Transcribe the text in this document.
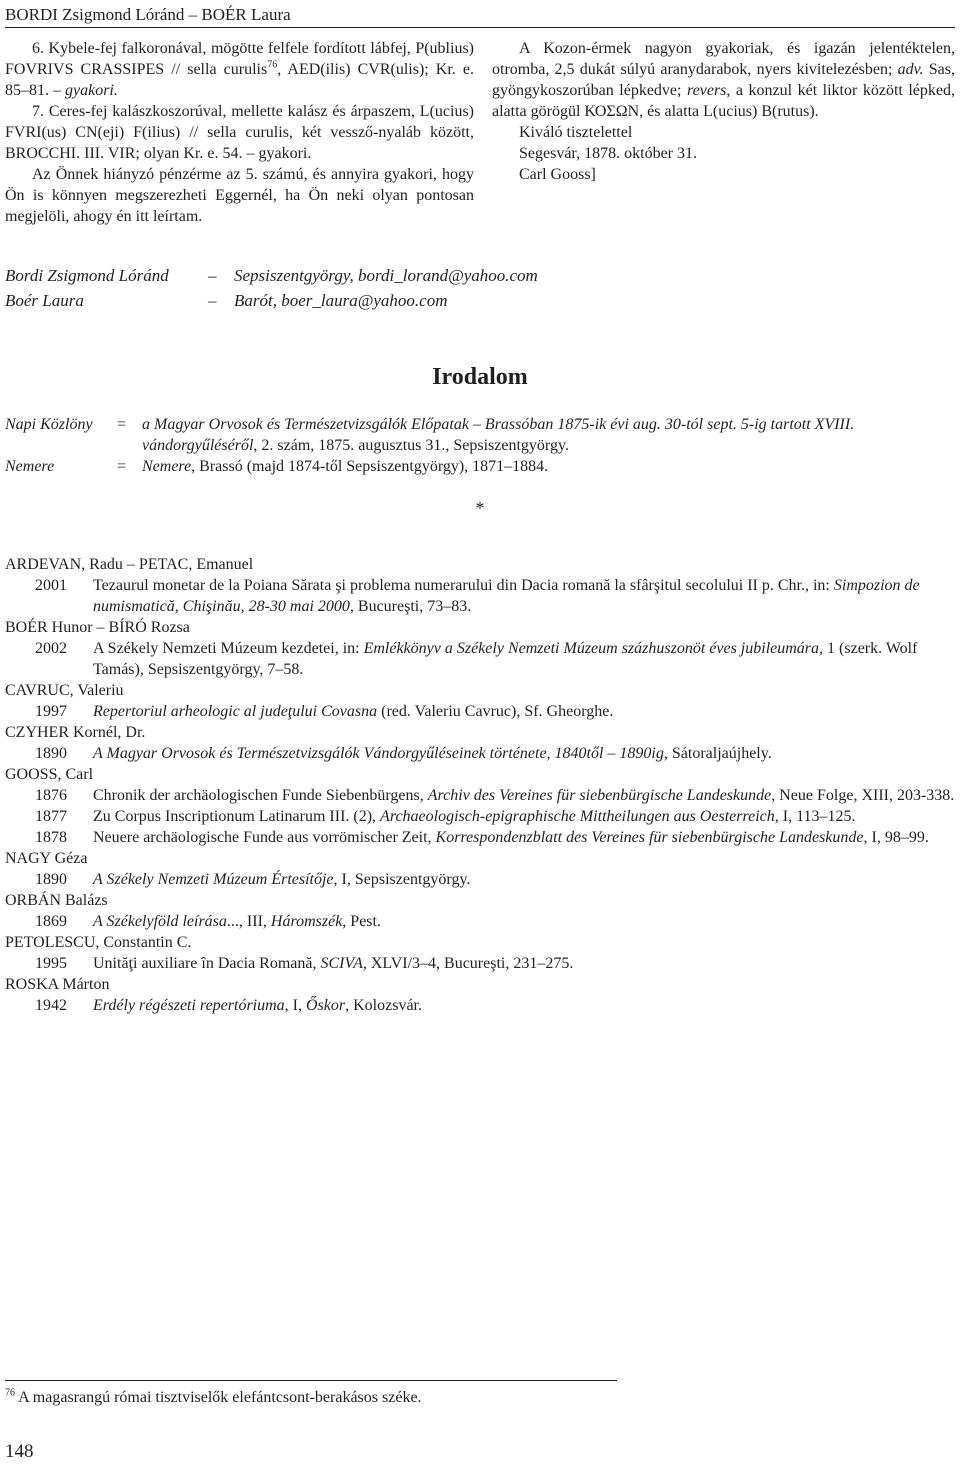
BORDI Zsigmond Lóránd – BOÉR Laura

6. Kybele-fej falkoronával, mögötte felfele fordított lábfej, P(ublius) FOVRIVS CRASSIPES // sella curulis$^{76}$, AED(ilis) CVR(ulis); Kr. e. 85–81. – gyakori.

7. Ceres-fej kalászkoszorúval, mellette kalász és árpaszem, L(ucius) FVRI(us) CN(eji) F(ilius) // sella curulis, két vessző-nyaláb között, BROCCHI. III. VIR; olyan Kr. e. 54. – gyakori.

Az Önnek hiányzó pénzérme az 5. számú, és annyira gyakori, hogy Ön is könnyen megszerezheti Eggernél, ha Ön neki olyan pontosan megjelöli, ahogy én itt leírtam.

A Kozon-érmek nagyon gyakoriak, és igazán jelentéktelen, otromba, 2,5 dukát súlyú aranydarabok, nyers kivitelezésben; adv. Sas, gyöngykoszorúban lépkedve; revers, a konzul két liktor között lépked, alatta görögül ΚΟΣΩΝ, és alatta L(ucius) B(rutus).

Kiváló tisztelettel

Segesvár, 1878. október 31.

Carl Gooss]

Bordi Zsigmond Lóránd	– Sepsiszentgyörgy, bordi_lorand@yahoo.com
Boér Laura	– Barót, boer_laura@yahoo.com
Irodalom
Napi Közlöny = a Magyar Orvosok és Természetvizsgálók Előpatak – Brassóban 1875-ik évi aug. 30-tól sept. 5-ig tartott XVIII. vándorgyűléséről, 2. szám, 1875. augusztus 31., Sepsiszentgyörgy.
Nemere	= Nemere, Brassó (majd 1874-től Sepsiszentgyörgy), 1871–1884.
*
ARDEVAN, Radu – PETAC, Emanuel
2001 Tezaurul monetar de la Poiana Sărata şi problema numerarului din Dacia romană la sfârşitul secolului II p. Chr., in: Simpozion de numismatică, Chişinău, 28-30 mai 2000, Bucureşti, 73–83.
BOÉR Hunor – BÍRÓ Rozsa
2002 A Székely Nemzeti Múzeum kezdetei, in: Emlékkönyv a Székely Nemzeti Múzeum százhuszonöt éves jubileumára, 1 (szerk. Wolf Tamás), Sepsiszentgyörgy, 7–58.
CAVRUC, Valeriu
1997 Repertoriul arheologic al judeţului Covasna (red. Valeriu Cavruc), Sf. Gheorghe.
CZYHER Kornél, Dr.
1890 A Magyar Orvosok és Természetvizsgálók Vándorgyűléseinek története, 1840től – 1890ig, Sátoraljaújhely.
GOOSS, Carl
1876 Chronik der archäologischen Funde Siebenbürgens, Archiv des Vereines für siebenbürgische Landeskunde, Neue Folge, XIII, 203-338.
1877 Zu Corpus Inscriptionum Latinarum III. (2), Archaeologisch-epigraphische Mittheilungen aus Oesterreich, I, 113–125.
1878 Neuere archäologische Funde aus vorrömischer Zeit, Korrespondenzblatt des Vereines für siebenbürgische Landeskunde, I, 98–99.
NAGY Géza
1890 A Székely Nemzeti Múzeum Értesítője, I, Sepsiszentgyörgy.
ORBÁN Balázs
1869 A Székelyföld leírása..., III, Háromszék, Pest.
PETOLESCU, Constantin C.
1995 Unităţi auxiliare în Dacia Romană, SCIVA, XLVI/3–4, Bucureşti, 231–275.
ROSKA Márton
1942 Erdély régészeti repertóriuma, I, Őskor, Kolozsvár.
$^{76}$ A magasrangú római tisztviselők elefántcsont-berakásos széke.
148
